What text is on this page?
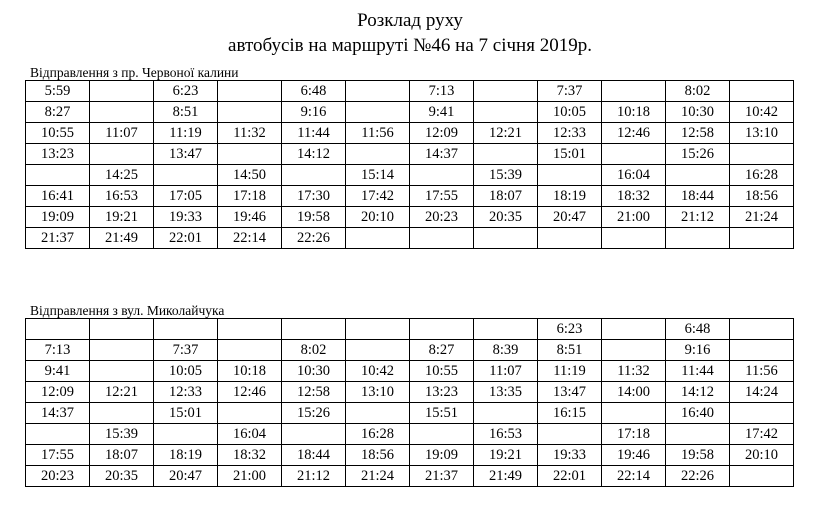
Розклад руху
автобусів на маршруті №46 на 7 січня 2019р.
Відправлення з пр. Червоної калини
5:59		6:23		6:48		7:13		7:37		8:02	
8:27		8:51		9:16		9:41		10:05	10:18	10:30	10:42
10:55	11:07	11:19	11:32	11:44	11:56	12:09	12:21	12:33	12:46	12:58	13:10
13:23		13:47		14:12		14:37		15:01		15:26	
	14:25		14:50		15:14		15:39		16:04		16:28
16:41	16:53	17:05	17:18	17:30	17:42	17:55	18:07	18:19	18:32	18:44	18:56
19:09	19:21	19:33	19:46	19:58	20:10	20:23	20:35	20:47	21:00	21:12	21:24
21:37	21:49	22:01	22:14	22:26							
Відправлення з вул. Миколайчука
								6:23		6:48	
7:13		7:37		8:02		8:27	8:39	8:51		9:16	
9:41		10:05	10:18	10:30	10:42	10:55	11:07	11:19	11:32	11:44	11:56
12:09	12:21	12:33	12:46	12:58	13:10	13:23	13:35	13:47	14:00	14:12	14:24
14:37		15:01		15:26		15:51		16:15		16:40	
	15:39		16:04		16:28		16:53		17:18		17:42
17:55	18:07	18:19	18:32	18:44	18:56	19:09	19:21	19:33	19:46	19:58	20:10
20:23	20:35	20:47	21:00	21:12	21:24	21:37	21:49	22:01	22:14	22:26	
